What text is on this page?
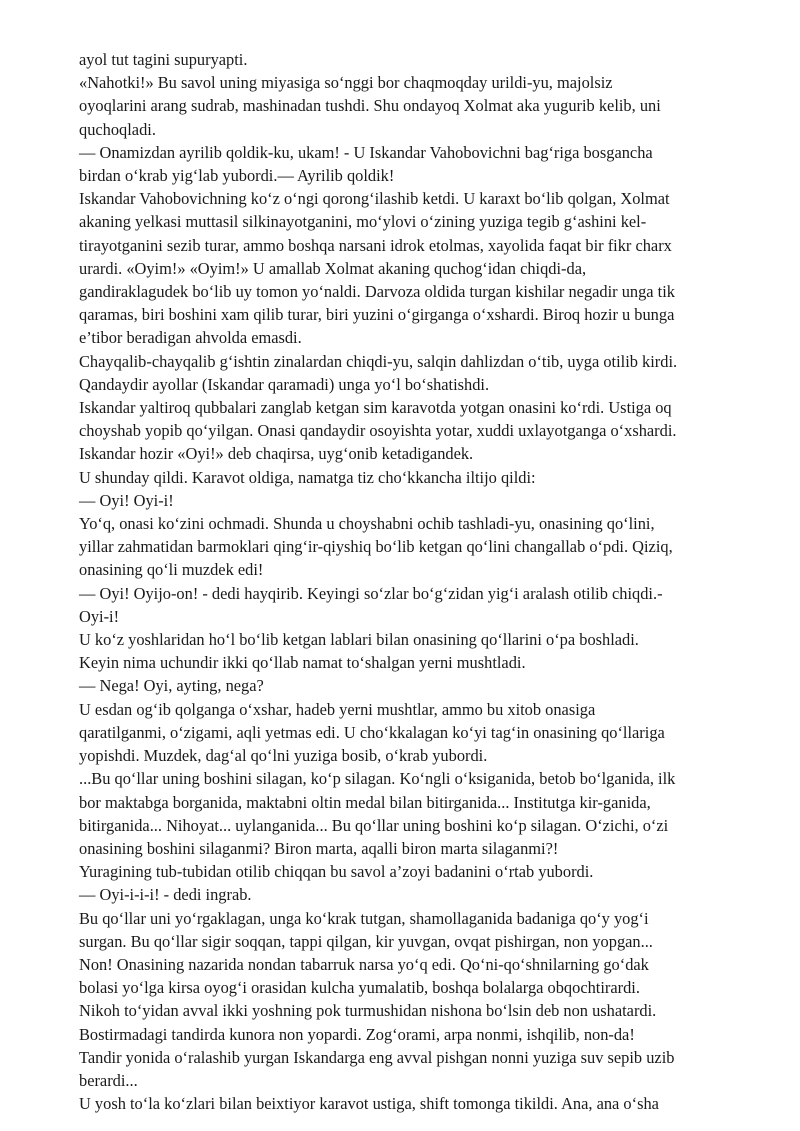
ayol tut tagini supuryapti.
«Nahotki!» Bu savol uning miyasiga so‘nggi bor chaqmoqday urildi-yu, majolsiz
oyoqlarini arang sudrab, mashinadan tushdi. Shu ondayoq Xolmat aka yugurib kelib, uni
quchoqladi.
— Onamizdan ayrilib qoldik-ku, ukam! - U Iskandar Vahobovichni bag‘riga bosgancha
birdan o‘krab yig‘lab yubordi.— Ayrilib qoldik!
Iskandar Vahobovichning ko‘z o‘ngi qorong‘ilashib ketdi. U karaxt bo‘lib qolgan, Xolmat
akaning yelkasi muttasil silkinayotganini, mo‘ylovi o‘zining yuziga tegib g‘ashini kel-
tirayotganini sezib turar, ammo boshqa narsani idrok etolmas, xayolida faqat bir fikr charx
urardi. «Oyim!» «Oyim!» U amallab Xolmat akaning quchog‘idan chiqdi-da,
gandiraklagudek bo‘lib uy tomon yo‘naldi. Darvoza oldida turgan kishilar negadir unga tik
qaramas, biri boshini xam qilib turar, biri yuzini o‘girganga o‘xshardi. Biroq hozir u bunga
e’tibor beradigan ahvolda emasdi.
Chayqalib-chayqalib g‘ishtin zinalardan chiqdi-yu, salqin dahlizdan o‘tib, uyga otilib kirdi.
Qandaydir ayollar (Iskandar qaramadi) unga yo‘l bo‘shatishdi.
Iskandar yaltiroq qubbalari zanglab ketgan sim karavotda yotgan onasini ko‘rdi. Ustiga oq
choyshab yopib qo‘yilgan. Onasi qandaydir osoyishta yotar, xuddi uxlayotganga o‘xshardi.
Iskandar hozir «Oyi!» deb chaqirsa, uyg‘onib ketadigandek.
U shunday qildi. Karavot oldiga, namatga tiz cho‘kkancha iltijo qildi:
— Oyi! Oyi-i!
Yo‘q, onasi ko‘zini ochmadi. Shunda u choyshabni ochib tashladi-yu, onasining qo‘lini,
yillar zahmatidan barmoklari qing‘ir-qiyshiq bo‘lib ketgan qo‘lini changallab o‘pdi. Qiziq,
onasining qo‘li muzdek edi!
— Oyi! Oyijo-on! - dedi hayqirib. Keyingi so‘zlar bo‘g‘zidan yig‘i aralash otilib chiqdi.-
Oyi-i!
U ko‘z yoshlaridan ho‘l bo‘lib ketgan lablari bilan onasining qo‘llarini o‘pa boshladi.
Keyin nima uchundir ikki qo‘llab namat to‘shalgan yerni mushtladi.
— Nega! Oyi, ayting, nega?
U esdan og‘ib qolganga o‘xshar, hadeb yerni mushtlar, ammo bu xitob onasiga
qaratilganmi, o‘zigami, aqli yetmas edi. U cho‘kkalagan ko‘yi tag‘in onasining qo‘llariga
yopishdi. Muzdek, dag‘al qo‘lni yuziga bosib, o‘krab yubordi.
...Bu qo‘llar uning boshini silagan, ko‘p silagan. Ko‘ngli o‘ksiganida, betob bo‘lganida, ilk
bor maktabga borganida, maktabni oltin medal bilan bitirganida... Institutga kir-ganida,
bitirganida... Nihoyat... uylanganida... Bu qo‘llar uning boshini ko‘p silagan. O‘zichi, o‘zi
onasining boshini silaganmi? Biron marta, aqalli biron marta silaganmi?!
Yuragining tub-tubidan otilib chiqqan bu savol a’zoyi badanini o‘rtab yubordi.
— Oyi-i-i-i! - dedi ingrab.
Bu qo‘llar uni yo‘rgaklagan, unga ko‘krak tutgan, shamollaganida badaniga qo‘y yog‘i
surgan. Bu qo‘llar sigir soqqan, tappi qilgan, kir yuvgan, ovqat pishirgan, non yopgan...
Non! Onasining nazarida nondan tabarruk narsa yo‘q edi. Qo‘ni-qo‘shnilarning go‘dak
bolasi yo‘lga kirsa oyog‘i orasidan kulcha yumalatib, boshqa bolalarga obqochtirardi.
Nikoh to‘yidan avval ikki yoshning pok turmushidan nishona bo‘lsin deb non ushatardi.
Bostirmadagi tandirda kunora non yopardi. Zog‘orami, arpa nonmi, ishqilib, non-da!
Tandir yonida o‘ralashib yurgan Iskandarga eng avval pishgan nonni yuziga suv sepib uzib
berardi...
U yosh to‘la ko‘zlari bilan beixtiyor karavot ustiga, shift tomonga tikildi. Ana, ana o‘sha
